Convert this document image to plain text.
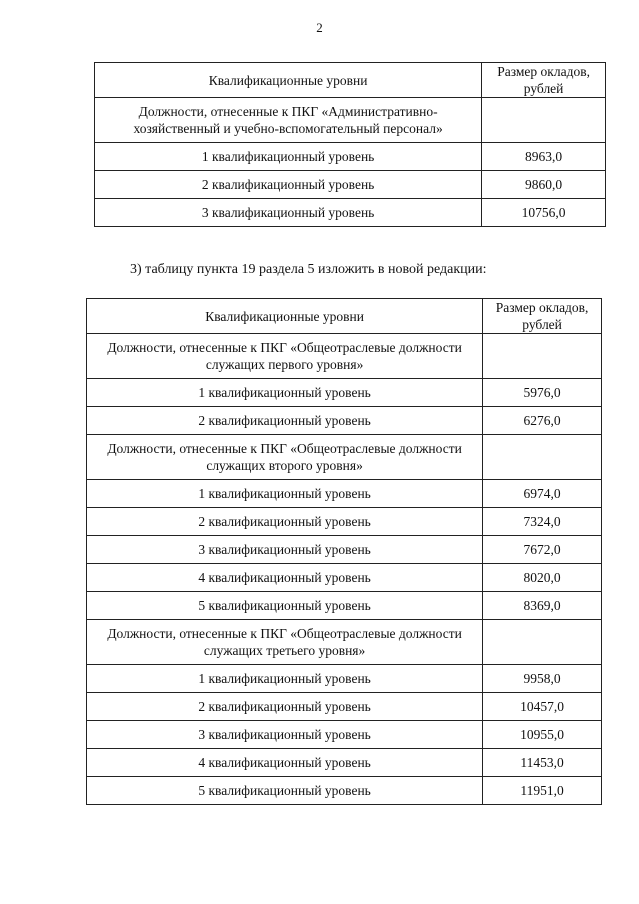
2
Квалификационные уровни	Размер окладов, рублей
Должности, отнесенные к ПКГ «Административно-хозяйственный и учебно-вспомогательный персонал»	
1 квалификационный уровень	8963,0
2 квалификационный уровень	9860,0
3 квалификационный уровень	10756,0
3) таблицу пункта 19 раздела 5 изложить в новой редакции:
Квалификационные уровни	Размер окладов, рублей
Должности, отнесенные к ПКГ «Общеотраслевые должности служащих первого уровня»	
1 квалификационный уровень	5976,0
2 квалификационный уровень	6276,0
Должности, отнесенные к ПКГ «Общеотраслевые должности служащих второго уровня»	
1 квалификационный уровень	6974,0
2 квалификационный уровень	7324,0
3 квалификационный уровень	7672,0
4 квалификационный уровень	8020,0
5 квалификационный уровень	8369,0
Должности, отнесенные к ПКГ «Общеотраслевые должности служащих третьего уровня»	
1 квалификационный уровень	9958,0
2 квалификационный уровень	10457,0
3 квалификационный уровень	10955,0
4 квалификационный уровень	11453,0
5 квалификационный уровень	11951,0
